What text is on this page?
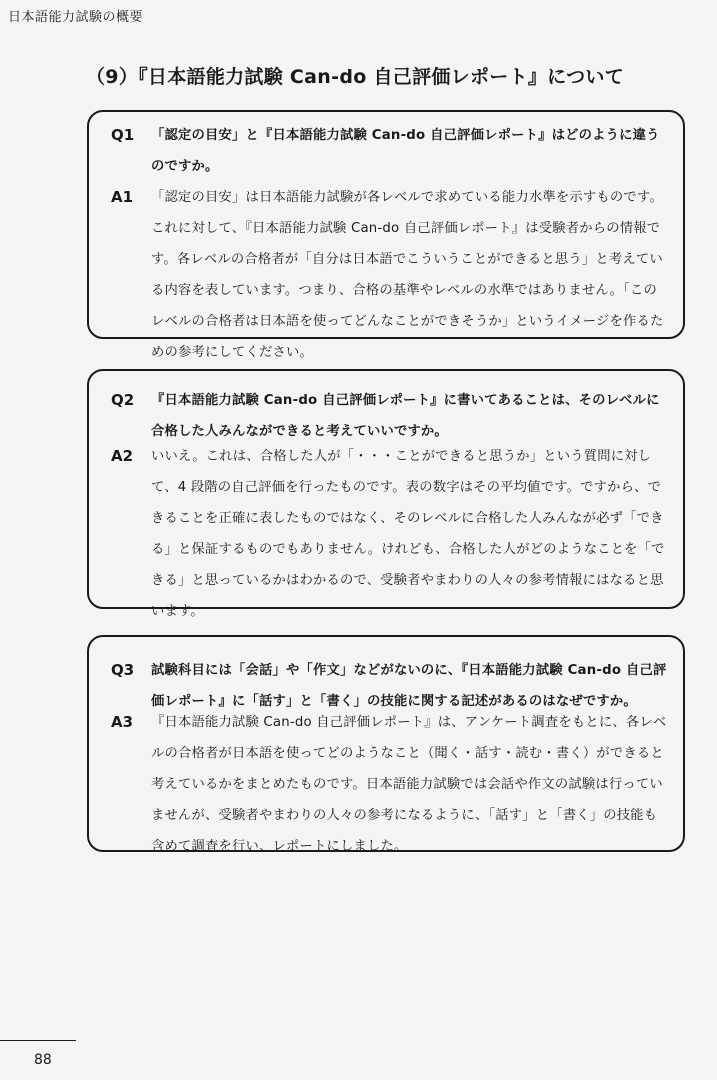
日本語能力試験の概要
（9）『日本語能力試験 Can-do 自己評価レポート』について
Q1 「認定の目安」と『日本語能力試験 Can-do 自己評価レポート』はどのように違うのですか。
A1 「認定の目安」は日本語能力試験が各レベルで求めている能力水準を示すものです。これに対して、『日本語能力試験 Can-do 自己評価レポート』は受験者からの情報です。各レベルの合格者が「自分は日本語でこういうことができると思う」と考えている内容を表しています。つまり、合格の基準やレベルの水準ではありません。「このレベルの合格者は日本語を使ってどんなことができそうか」というイメージを作るための参考にしてください。
Q2 『日本語能力試験 Can-do 自己評価レポート』に書いてあることは、そのレベルに合格した人みんなができると考えていいですか。
A2 いいえ。これは、合格した人が「・・・ことができると思うか」という質問に対して、4 段階の自己評価を行ったものです。表の数字はその平均値です。ですから、できることを正確に表したものではなく、そのレベルに合格した人みんなが必ず「できる」と保証するものでもありません。けれども、合格した人がどのようなことを「できる」と思っているかはわかるので、受験者やまわりの人々の参考情報にはなると思います。
Q3 試験科目には「会話」や「作文」などがないのに、『日本語能力試験 Can-do 自己評価レポート』に「話す」と「書く」の技能に関する記述があるのはなぜですか。
A3 『日本語能力試験 Can-do 自己評価レポート』は、アンケート調査をもとに、各レベルの合格者が日本語を使ってどのようなこと（聞く・話す・読む・書く）ができると考えているかをまとめたものです。日本語能力試験では会話や作文の試験は行っていませんが、受験者やまわりの人々の参考になるように、「話す」と「書く」の技能も含めて調査を行い、レポートにしました。
88
